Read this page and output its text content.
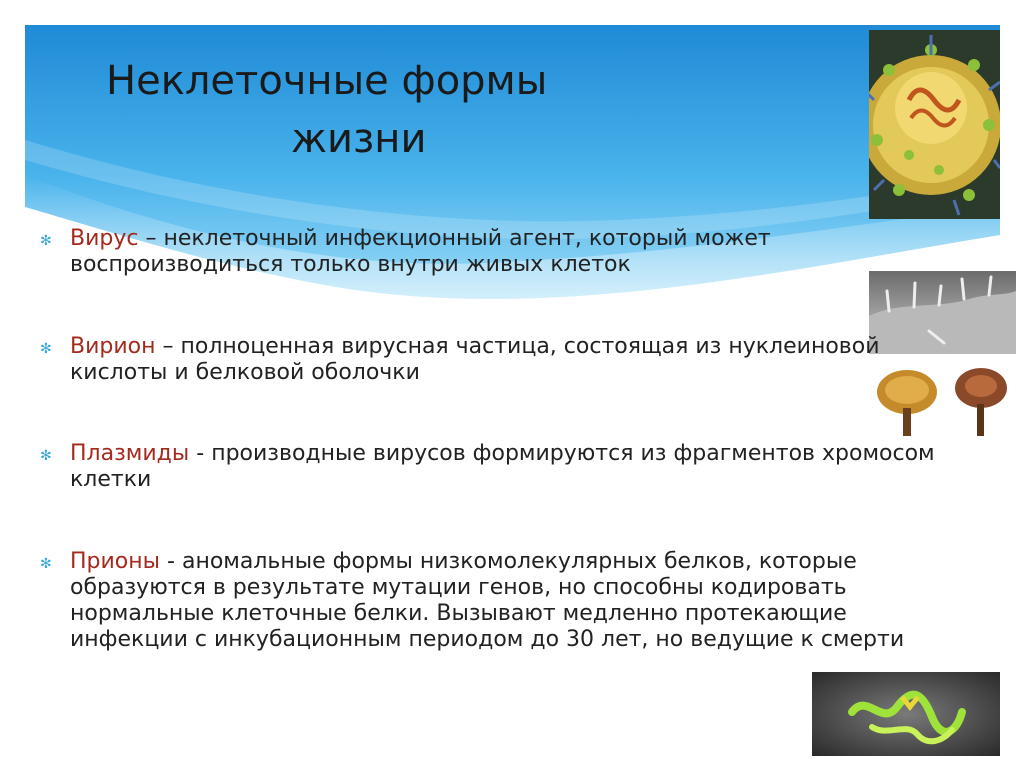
Неклеточные формы
жизни
✻ Вирус – неклеточный инфекционный агент, который может воспроизводиться только внутри живых клеток
✻ Вирион – полноценная вирусная частица, состоящая из нуклеиновой кислоты и белковой оболочки
✻ Плазмиды - производные вирусов формируются из фрагментов хромосом клетки
✻ Прионы - аномальные формы низкомолекулярных белков, которые образуются в результате мутации генов, но способны кодировать нормальные клеточные белки. Вызывают медленно протекающие инфекции с инкубационным периодом до 30 лет, но ведущие к смерти
